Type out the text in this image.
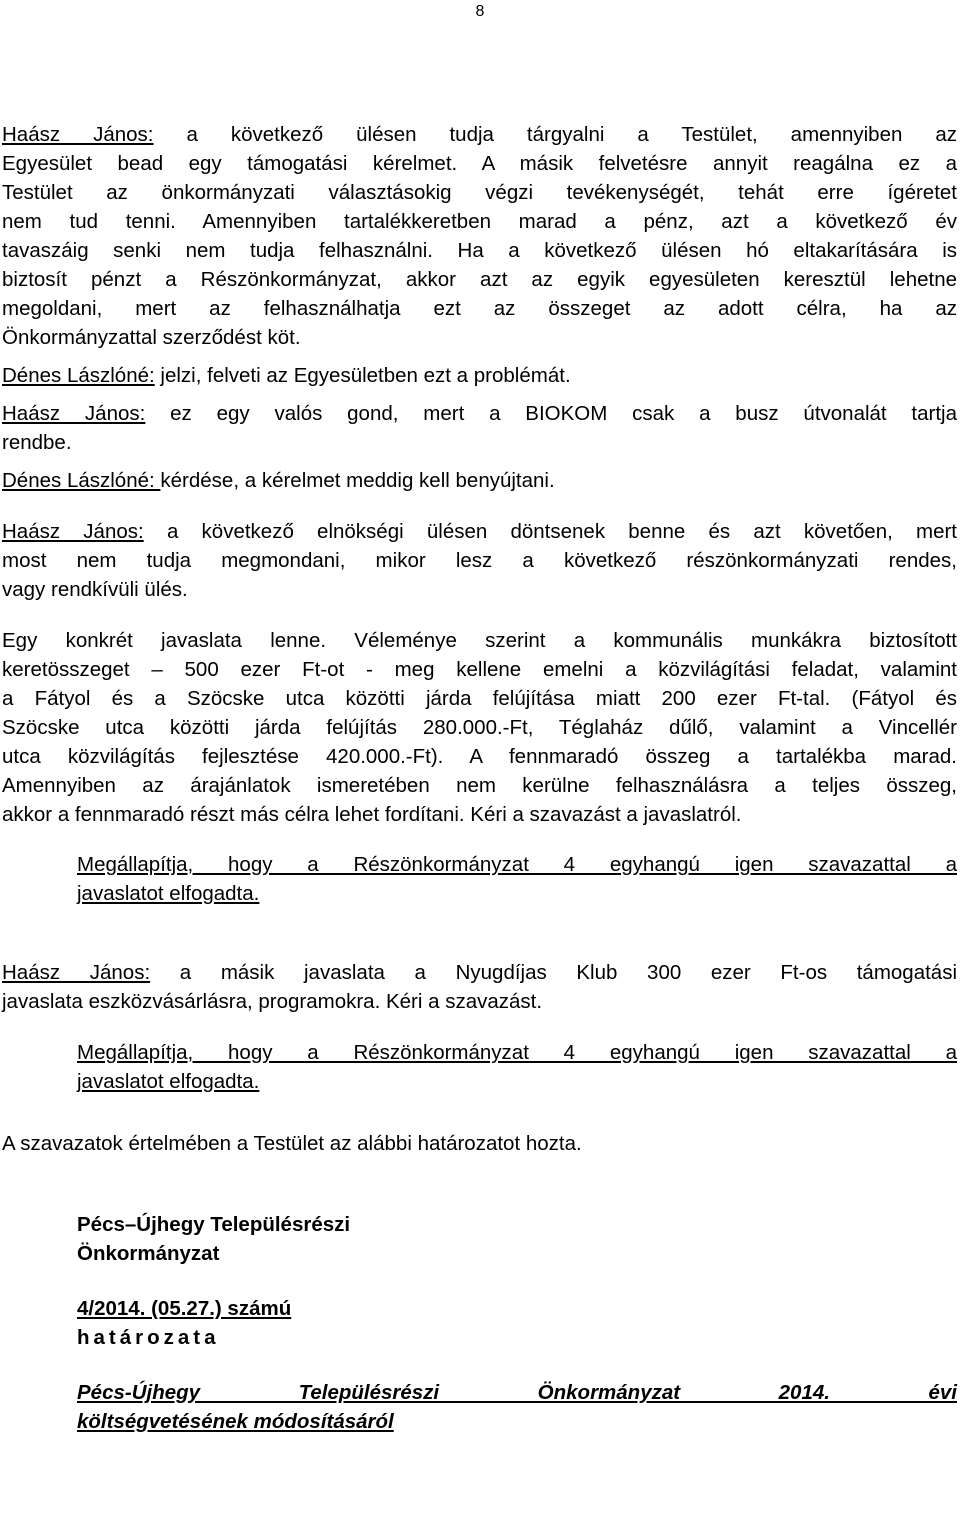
8
Haász János: a következő ülésen tudja tárgyalni a Testület, amennyiben az
Egyesület bead egy támogatási kérelmet. A másik felvetésre annyit reagálna ez a
Testület az önkormányzati választásokig végzi tevékenységét, tehát erre ígéretet
nem tud tenni. Amennyiben tartalékkeretben marad a pénz, azt a következő év
tavaszáig senki nem tudja felhasználni. Ha a következő ülésen hó eltakarítására is
biztosít pénzt a Részönkormányzat, akkor azt az egyik egyesületen keresztül lehetne
megoldani, mert az felhasználhatja ezt az összeget az adott célra, ha az
Önkormányzattal szerződést köt.
Dénes Lászlóné: jelzi, felveti az Egyesületben ezt a problémát.
Haász János: ez egy valós gond, mert a BIOKOM csak a busz útvonalát tartja
rendbe.
Dénes Lászlóné: kérdése, a kérelmet meddig kell benyújtani.
Haász János: a következő elnökségi ülésen döntsenek benne és azt követően, mert
most nem tudja megmondani, mikor lesz a következő részönkormányzati rendes,
vagy rendkívüli ülés.
Egy konkrét javaslata lenne. Véleménye szerint a kommunális munkákra biztosított
keretösszeget – 500 ezer Ft-ot - meg kellene emelni a közvilágítási feladat, valamint
a Fátyol és a Szöcske utca közötti járda felújítása miatt 200 ezer Ft-tal. (Fátyol és
Szöcske utca közötti járda felújítás 280.000.-Ft, Téglaház dűlő, valamint a Vincellér
utca közvilágítás fejlesztése 420.000.-Ft). A fennmaradó összeg a tartalékba marad.
Amennyiben az árajánlatok ismeretében nem kerülne felhasználásra a teljes összeg,
akkor a fennmaradó részt más célra lehet fordítani. Kéri a szavazást a javaslatról.
Megállapítja, hogy a Részönkormányzat 4 egyhangú igen szavazattal a
javaslatot elfogadta.
Haász János: a másik javaslata a Nyugdíjas Klub 300 ezer Ft-os támogatási
javaslata eszközvásárlásra, programokra. Kéri a szavazást.
Megállapítja, hogy a Részönkormányzat 4 egyhangú igen szavazattal a
javaslatot elfogadta.
A szavazatok értelmében a Testület az alábbi határozatot hozta.
Pécs–Újhegy Településrészi
Önkormányzat
4/2014. (05.27.) számú
határozata
Pécs-Újhegy Településrészi Önkormányzat 2014. évi
költségvetésének módosításáról
